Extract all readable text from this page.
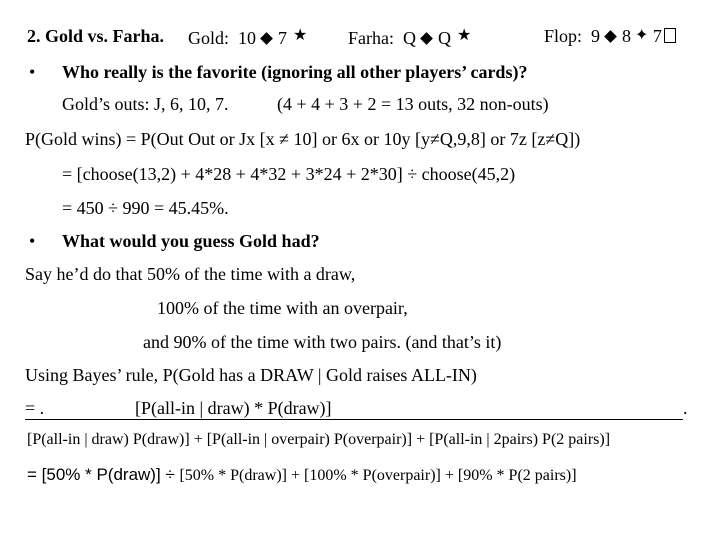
2. Gold vs. Farha. Gold: 10 7 ★ Farha: Q Q ★	Flop: 9 8 ✦ 7
• Who really is the favorite (ignoring all other players’ cards)?
Gold’s outs: J, 6, 10, 7.	(4 + 4 + 3 + 2 = 13 outs, 32 non-outs)
P(Gold wins) = P(Out Out or Jx [x ≠ 10] or 6x or 10y [y≠Q,9,8] or 7z [z≠Q])
= [choose(13,2) + 4*28 + 4*32 + 3*24 + 2*30] ÷ choose(45,2)
= 450 ÷ 990 = 45.45%.
• What would you guess Gold had?
Say he’d do that 50% of the time with a draw,
100% of the time with an overpair,
and 90% of the time with two pairs. (and that’s it)
Using Bayes’ rule, P(Gold has a DRAW | Gold raises ALL-IN)
= .	[P(all-in | draw) * P(draw)]	.
[P(all-in | draw) P(draw)] + [P(all-in | overpair) P(overpair)] + [P(all-in | 2pairs) P(2 pairs)]
= [50% * P(draw)] ÷ [50% * P(draw)] + [100% * P(overpair)] + [90% * P(2 pairs)]
